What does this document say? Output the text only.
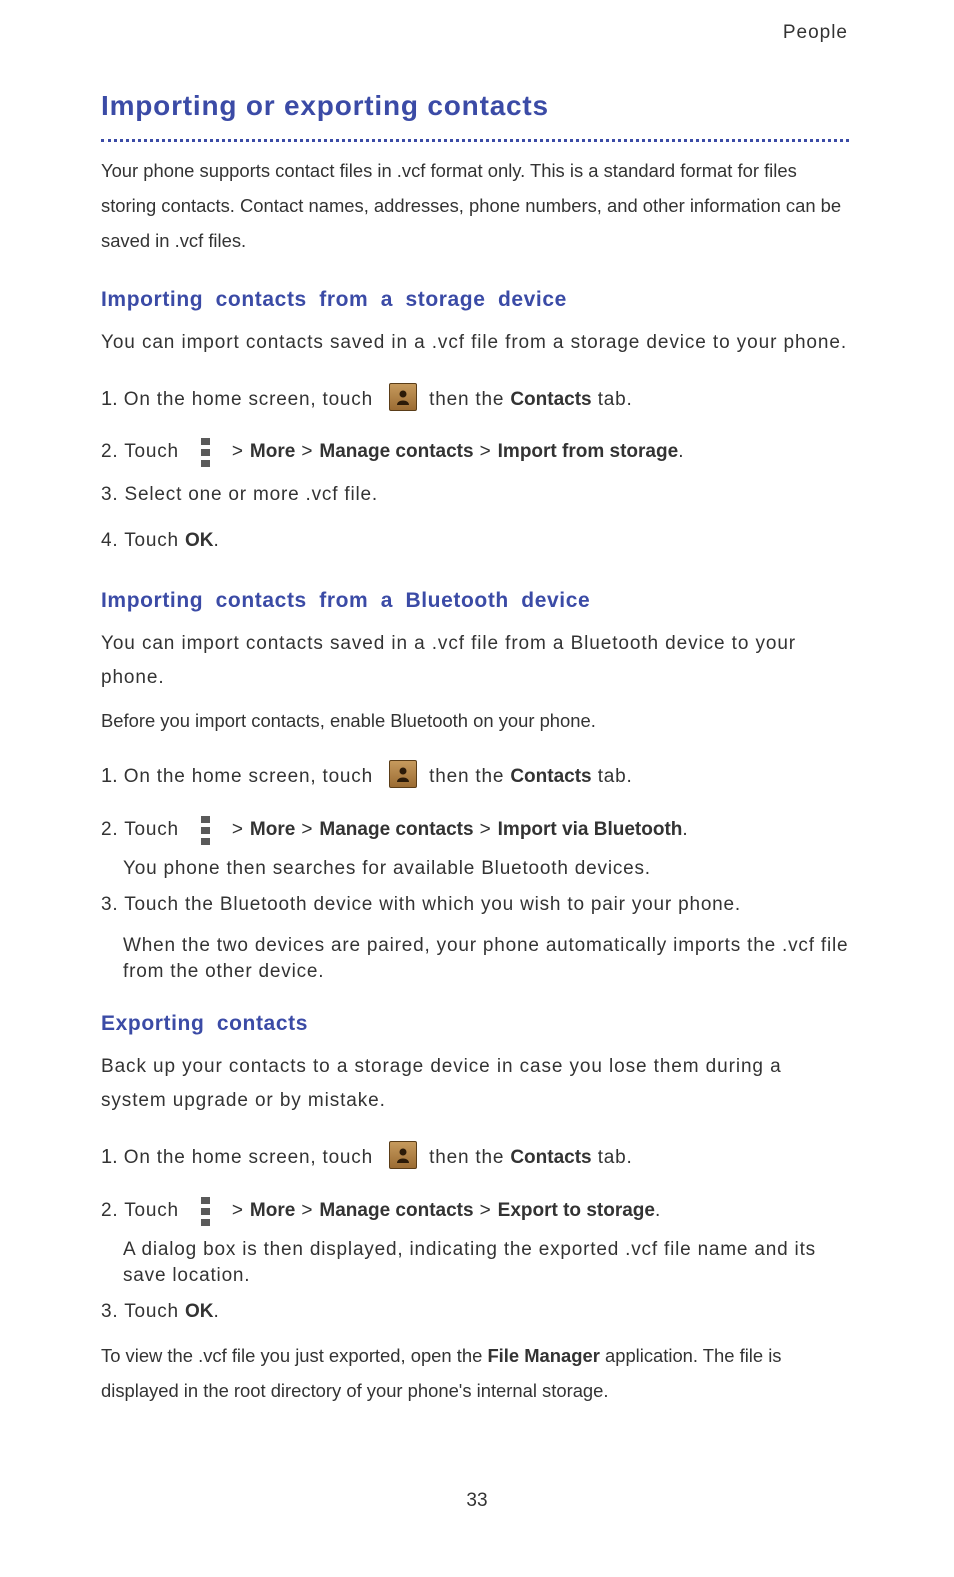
People
Importing or exporting contacts
Your phone supports contact files in .vcf format only. This is a standard format for files storing contacts. Contact names, addresses, phone numbers, and other information can be saved in .vcf files.
Importing contacts from a storage device
You can import contacts saved in a .vcf file from a storage device to your phone.
1. On the home screen, touch	then the Contacts tab.
2. Touch	> More > Manage contacts > Import from storage.
3. Select one or more .vcf file.
4. Touch OK.
Importing contacts from a Bluetooth device
You can import contacts saved in a .vcf file from a Bluetooth device to your phone.
Before you import contacts, enable Bluetooth on your phone.
1. On the home screen, touch	then the Contacts tab.
2. Touch	> More > Manage contacts > Import via Bluetooth.
You phone then searches for available Bluetooth devices.
3. Touch the Bluetooth device with which you wish to pair your phone.
When the two devices are paired, your phone automatically imports the .vcf file from the other device.
Exporting contacts
Back up your contacts to a storage device in case you lose them during a system upgrade or by mistake.
1. On the home screen, touch	then the Contacts tab.
2. Touch	> More > Manage contacts > Export to storage.
A dialog box is then displayed, indicating the exported .vcf file name and its save location.
3. Touch OK.
To view the .vcf file you just exported, open the File Manager application. The file is displayed in the root directory of your phone's internal storage.
33
